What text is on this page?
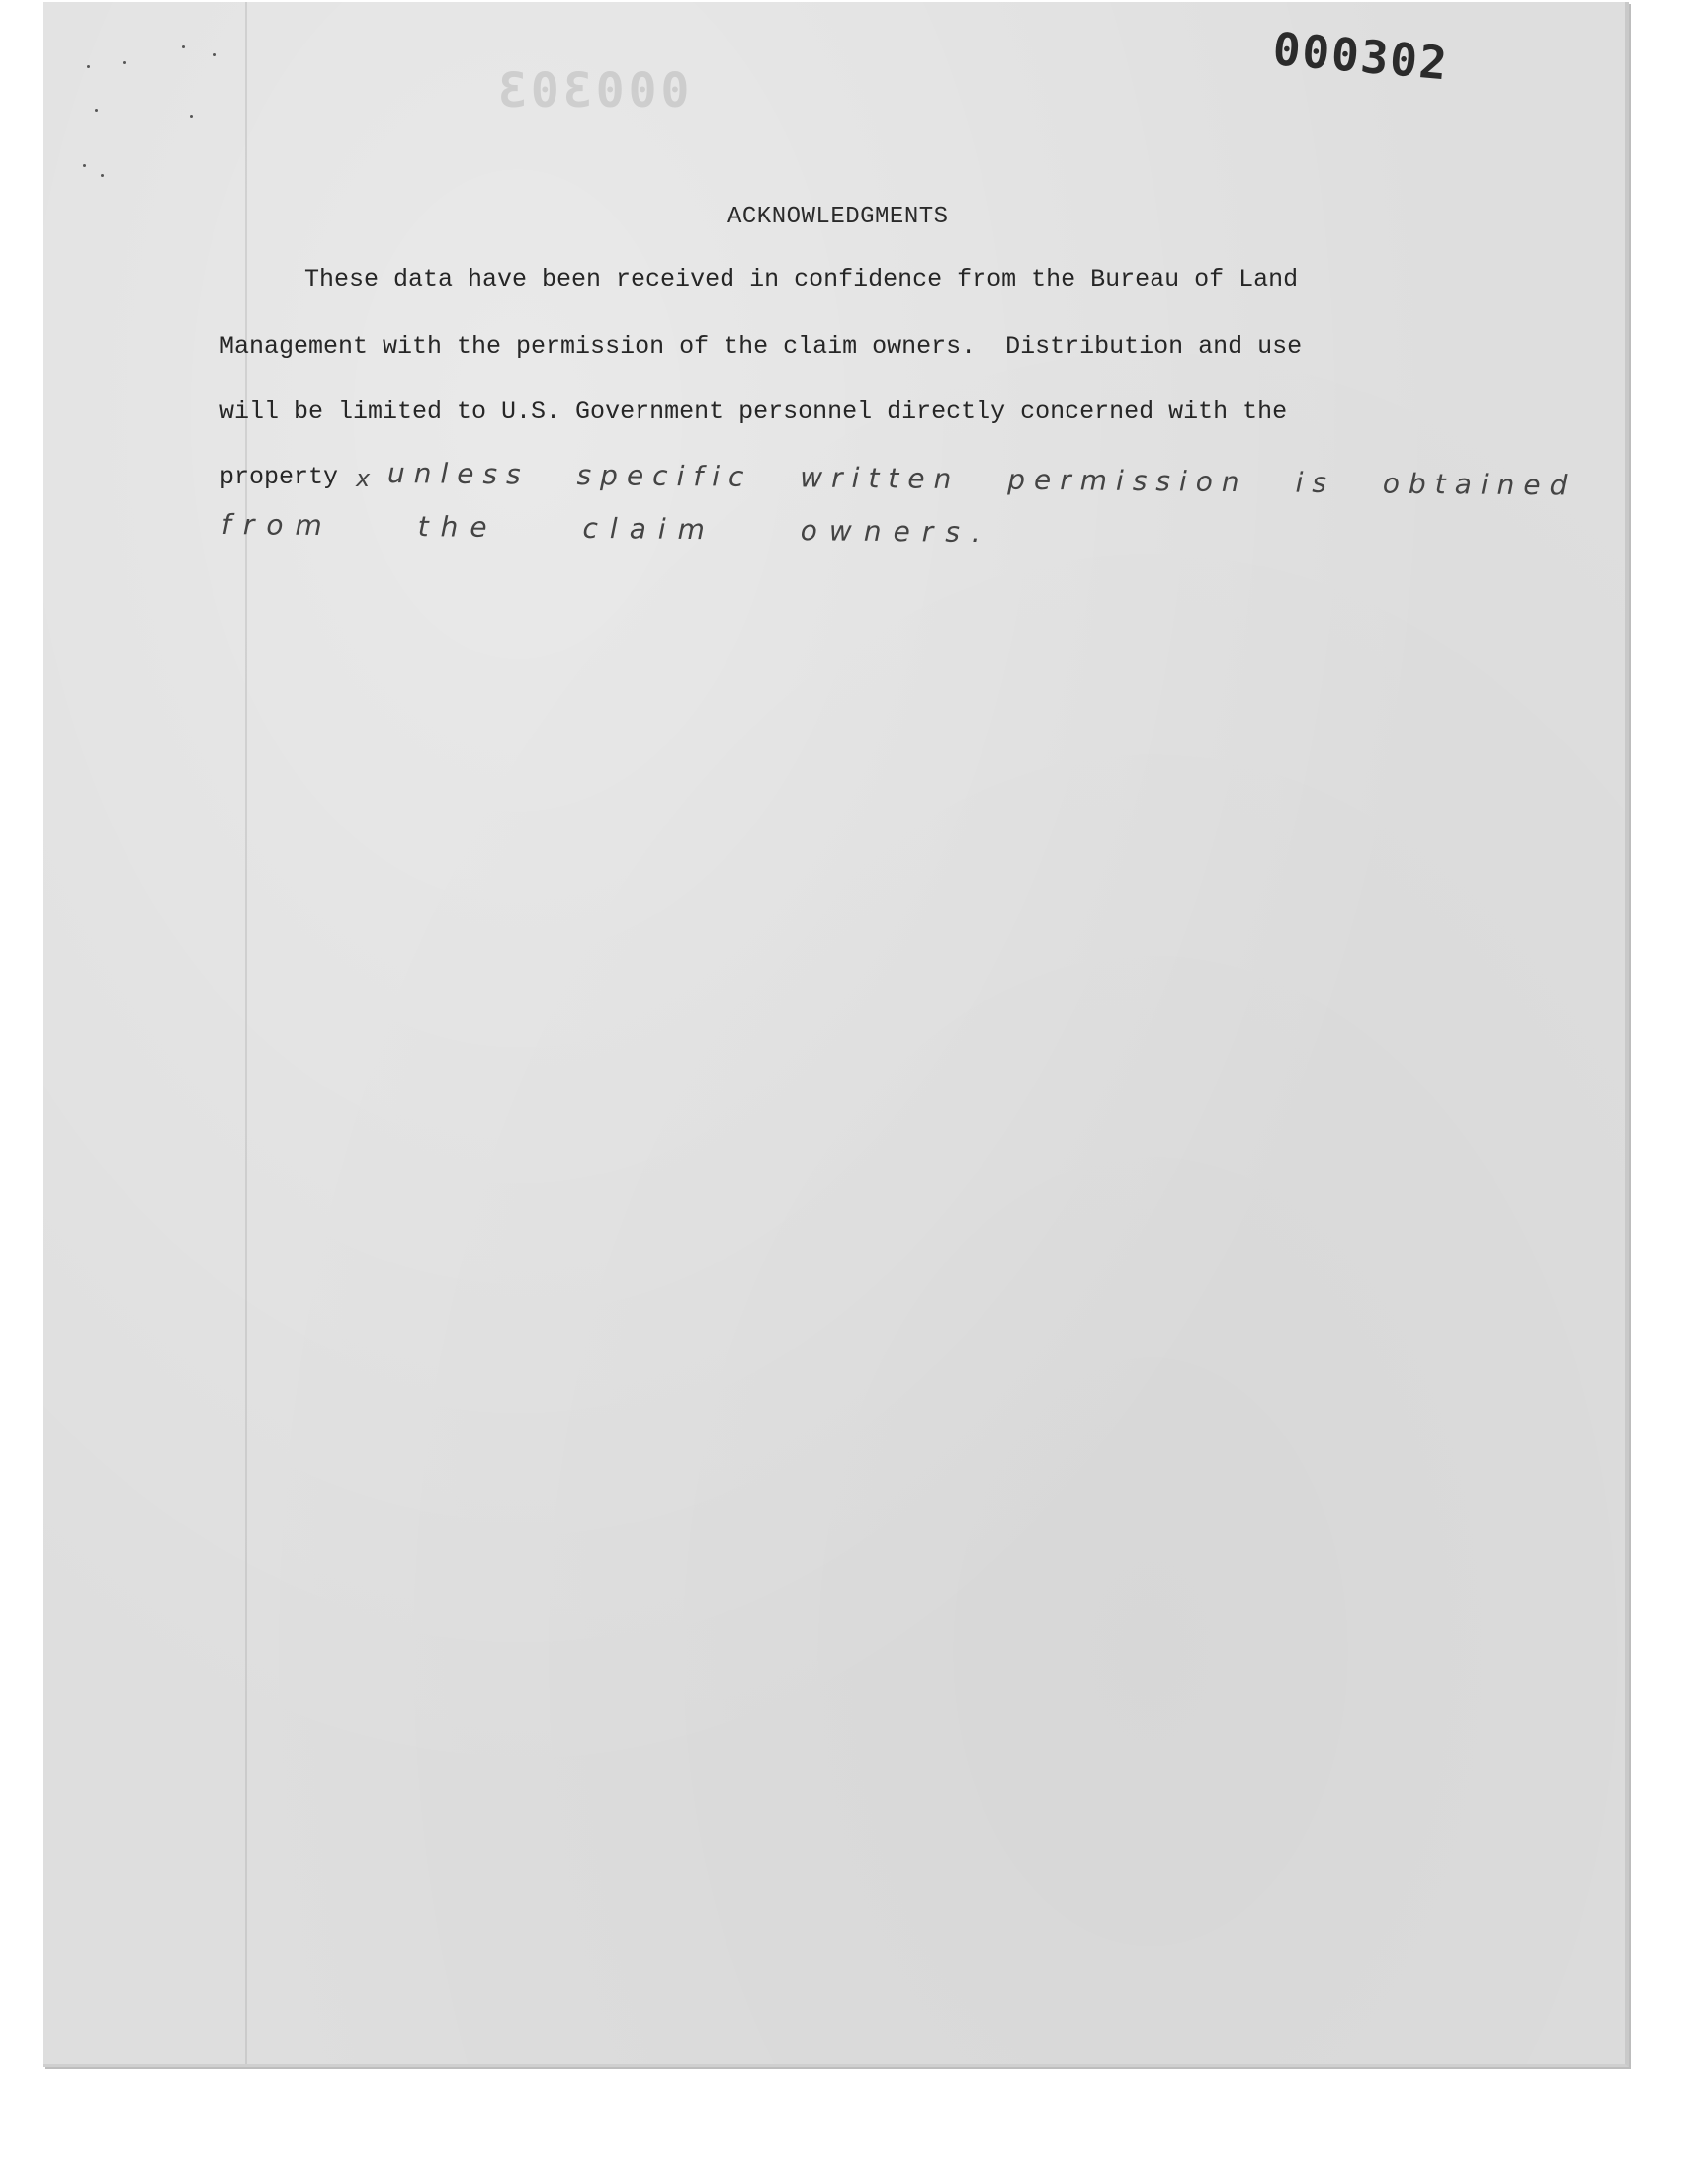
000302
000303
ACKNOWLEDGMENTS
These data have been received in confidence from the Bureau of Land
Management with the permission of the claim owners.  Distribution and use
will be limited to U.S. Government personnel directly concerned with the
property x unless specific written permission is obtained
from the claim owners.
